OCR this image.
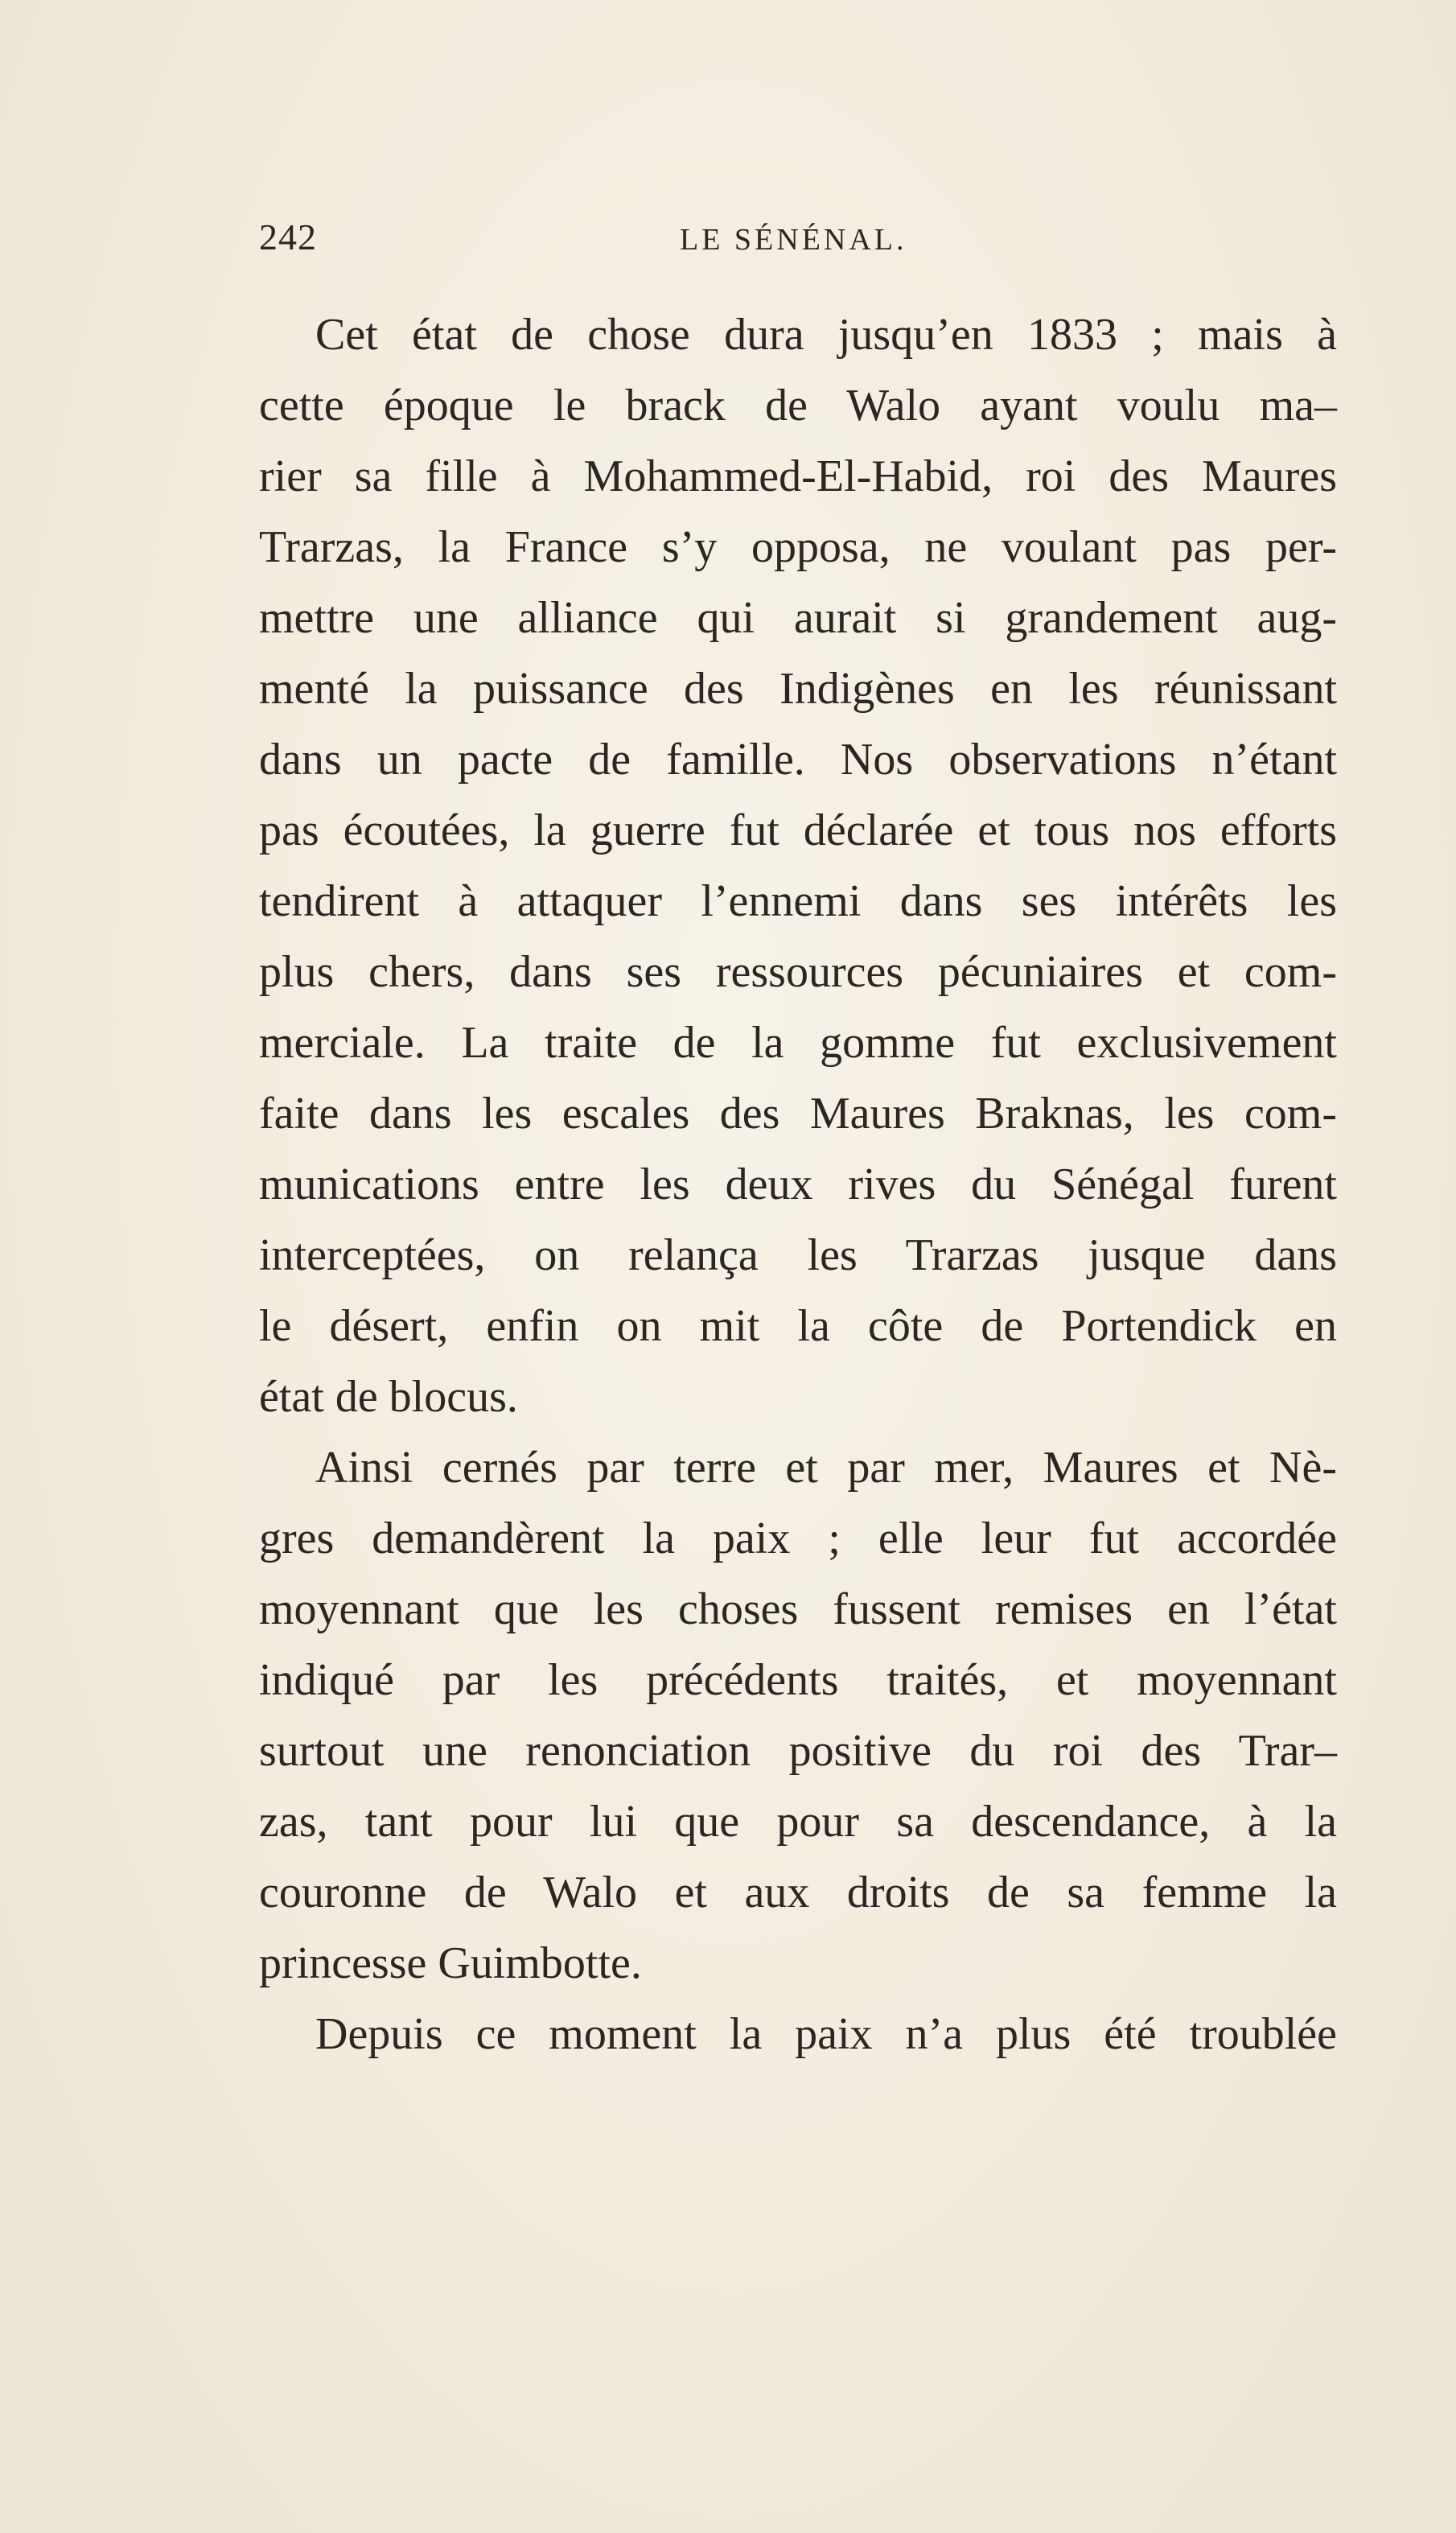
242	LE SÉNÉNAL.
Cet état de chose dura jusqu’en 1833 ; mais à
cette époque le brack de Walo ayant voulu ma–
rier sa fille à Mohammed-El-Habid, roi des Maures
Trarzas, la France s’y opposa, ne voulant pas per-
mettre une alliance qui aurait si grandement aug-
menté la puissance des Indigènes en les réunissant
dans un pacte de famille. Nos observations n’étant
pas écoutées, la guerre fut déclarée et tous nos efforts
tendirent à attaquer l’ennemi dans ses intérêts les
plus chers, dans ses ressources pécuniaires et com-
merciale. La traite de la gomme fut exclusivement
faite dans les escales des Maures Braknas, les com-
munications entre les deux rives du Sénégal furent
interceptées, on relança les Trarzas jusque dans
le désert, enfin on mit la côte de Portendick en
état de blocus.
Ainsi cernés par terre et par mer, Maures et Nè-
gres demandèrent la paix ; elle leur fut accordée
moyennant que les choses fussent remises en l’état
indiqué par les précédents traités, et moyennant
surtout une renonciation positive du roi des Trar–
zas, tant pour lui que pour sa descendance, à la
couronne de Walo et aux droits de sa femme la
princesse Guimbotte.
Depuis ce moment la paix n’a plus été troublée
